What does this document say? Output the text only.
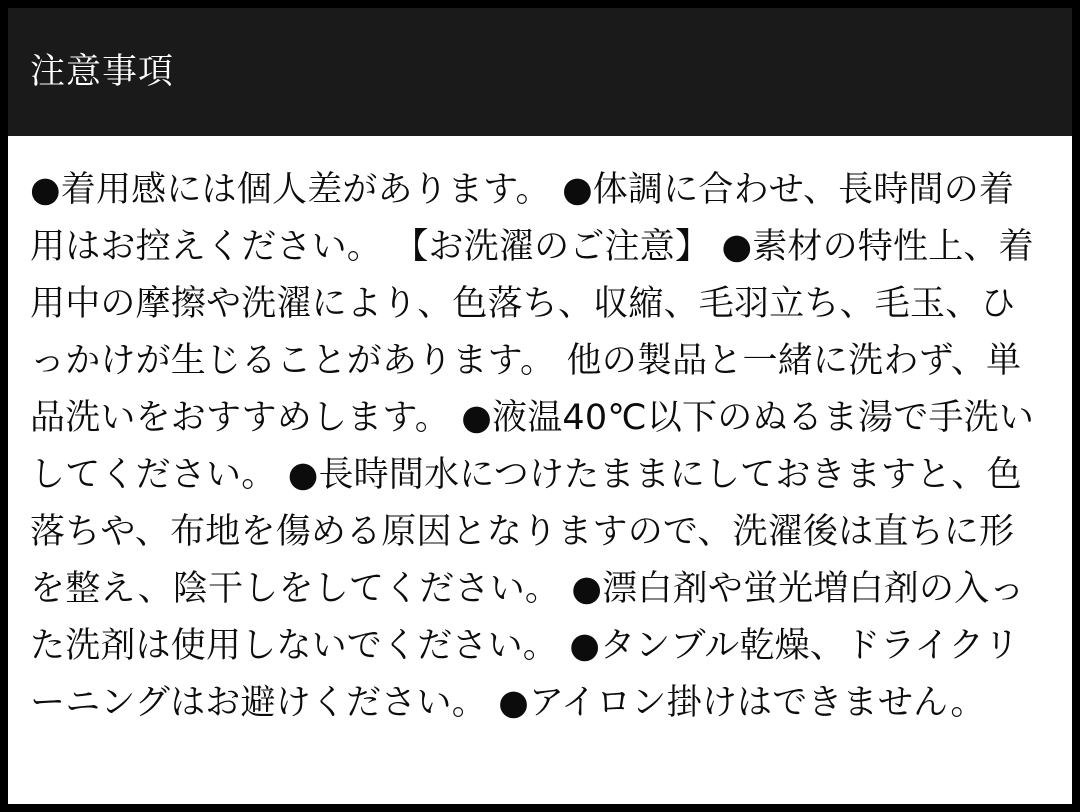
注意事項
●着用感には個人差があります。 ●体調に合わせ、長時間の着用はお控えください。 【お洗濯のご注意】 ●素材の特性上、着用中の摩擦や洗濯により、色落ち、収縮、毛羽立ち、毛玉、ひっかけが生じることがあります。 他の製品と一緒に洗わず、単品洗いをおすすめします。 ●液温40℃以下のぬるま湯で手洗いしてください。 ●長時間水につけたままにしておきますと、色落ちや、布地を傷める原因となりますので、洗濯後は直ちに形を整え、陰干しをしてください。 ●漂白剤や蛍光増白剤の入った洗剤は使用しないでください。 ●タンブル乾燥、ドライクリーニングはお避けください。 ●アイロン掛けはできません。
